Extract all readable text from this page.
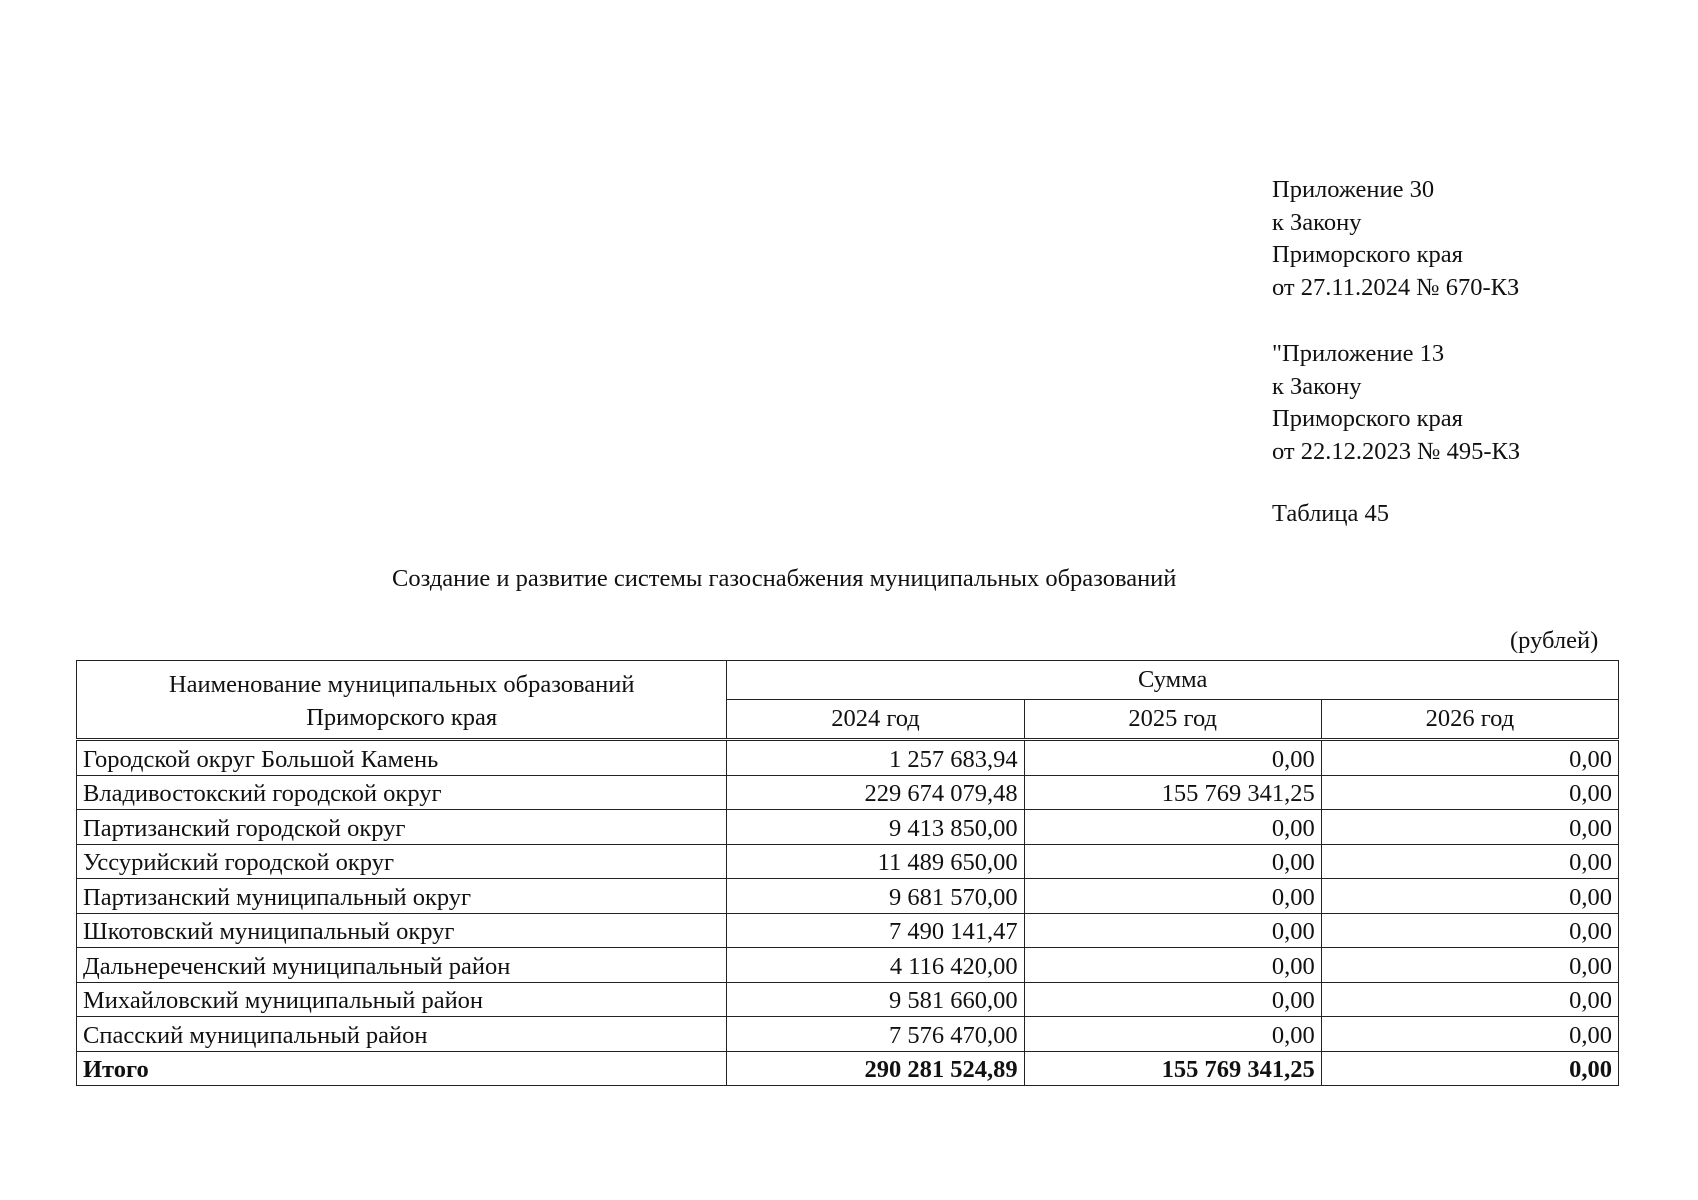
Приложение 30
к Закону
Приморского края
от 27.11.2024 № 670-КЗ
"Приложение 13
к Закону
Приморского края
от 22.12.2023 № 495-КЗ
Таблица 45
Создание и развитие системы газоснабжения муниципальных образований
(рублей)
Наименование муниципальных образований
Приморского края	Сумма		
	2024 год	2025 год	2026 год
Городской округ Большой Камень	1 257 683,94	0,00	0,00
Владивостокский городской округ	229 674 079,48	155 769 341,25	0,00
Партизанский городской округ	9 413 850,00	0,00	0,00
Уссурийский городской округ	11 489 650,00	0,00	0,00
Партизанский муниципальный округ	9 681 570,00	0,00	0,00
Шкотовский муниципальный округ	7 490 141,47	0,00	0,00
Дальнереченский муниципальный район	4 116 420,00	0,00	0,00
Михайловский муниципальный район	9 581 660,00	0,00	0,00
Спасский муниципальный район	7 576 470,00	0,00	0,00
Итого	290 281 524,89	155 769 341,25	0,00
